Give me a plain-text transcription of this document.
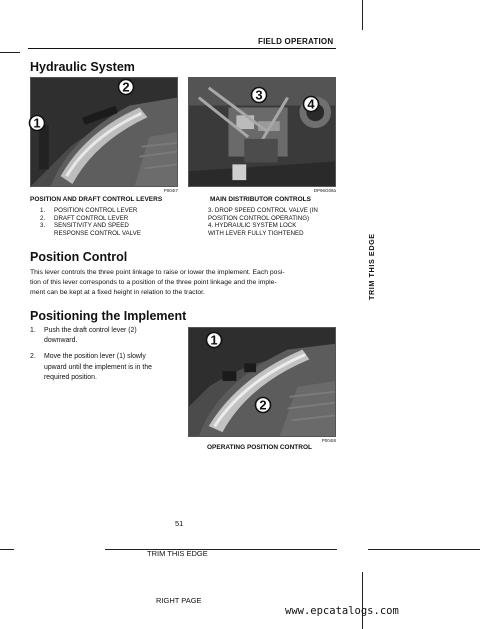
FIELD OPERATION
Hydraulic System
1
2
P004I7
3
4
DP96G08a
POSITION AND DRAFT CONTROL LEVERS
1.	POSITION CONTROL LEVER
2.	DRAFT CONTROL LEVER
3.	SENSITIVITY AND SPEED
RESPONSE CONTROL VALVE
MAIN DISTRIBUTOR CONTROLS
3. DROP SPEED CONTROL VALVE (IN
POSITION CONTROL OPERATING)
4. HYDRAULIC SYSTEM LOCK
WITH LEVER FULLY TIGHTENED
Position Control
This lever controls the three point linkage to raise or lower the implement. Each posi-
tion of this lever corresponds to a position of the three point linkage and the imple-
ment can be kept at a fixed height in relation to the tractor.
Positioning the Implement
1.	Push the draft control lever (2)
downward.
2.	Move the position lever (1) slowly
upward until the implement is in the
required position.
1
2
P004I8
OPERATING POSITION CONTROL
TRIM THIS EDGE
51
TRIM THIS EDGE
RIGHT PAGE
www.epcatalogs.com
